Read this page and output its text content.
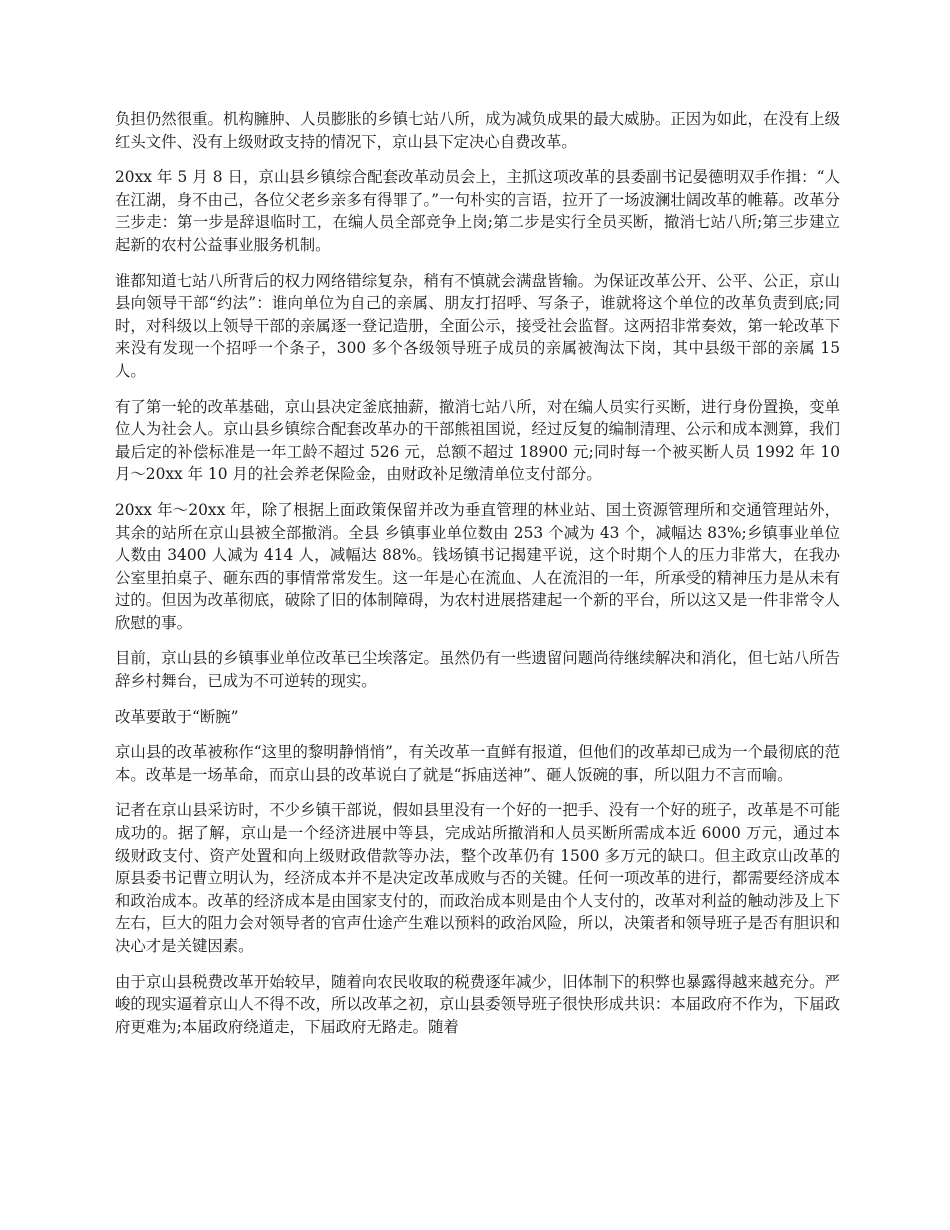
负担仍然很重。机构臃肿、人员膨胀的乡镇七站八所，成为减负成果的最大威胁。正因为如此，在没有上级红头文件、没有上级财政支持的情况下，京山县下定决心自费改革。

20xx 年 5 月 8 日，京山县乡镇综合配套改革动员会上，主抓这项改革的县委副书记晏德明双手作揖：“人在江湖，身不由己，各位父老乡亲多有得罪了。”一句朴实的言语，拉开了一场波澜壮阔改革的帷幕。改革分三步走：第一步是辞退临时工，在编人员全部竞争上岗;第二步是实行全员买断，撤消七站八所;第三步建立起新的农村公益事业服务机制。

谁都知道七站八所背后的权力网络错综复杂，稍有不慎就会满盘皆输。为保证改革公开、公平、公正，京山县向领导干部“约法”：谁向单位为自己的亲属、朋友打招呼、写条子，谁就将这个单位的改革负责到底;同时，对科级以上领导干部的亲属逐一登记造册，全面公示，接受社会监督。这两招非常奏效，第一轮改革下来没有发现一个招呼一个条子，300 多个各级领导班子成员的亲属被淘汰下岗，其中县级干部的亲属 15 人。

有了第一轮的改革基础，京山县决定釜底抽薪，撤消七站八所，对在编人员实行买断，进行身份置换，变单位人为社会人。京山县乡镇综合配套改革办的干部熊祖国说，经过反复的编制清理、公示和成本测算，我们最后定的补偿标准是一年工龄不超过 526 元，总额不超过 18900 元;同时每一个被买断人员 1992 年 10 月～20xx 年 10 月的社会养老保险金，由财政补足缴清单位支付部分。

20xx 年～20xx 年，除了根据上面政策保留并改为垂直管理的林业站、国土资源管理所和交通管理站外，其余的站所在京山县被全部撤消。全县 乡镇事业单位数由 253 个减为 43 个，减幅达 83%;乡镇事业单位人数由 3400 人减为 414 人，减幅达 88%。钱场镇书记揭建平说，这个时期个人的压力非常大，在我办公室里拍桌子、砸东西的事情常常发生。这一年是心在流血、人在流泪的一年，所承受的精神压力是从未有过的。但因为改革彻底，破除了旧的体制障碍，为农村进展搭建起一个新的平台，所以这又是一件非常令人欣慰的事。

目前，京山县的乡镇事业单位改革已尘埃落定。虽然仍有一些遗留问题尚待继续解决和消化，但七站八所告辞乡村舞台，已成为不可逆转的现实。

改革要敢于“断腕”

京山县的改革被称作“这里的黎明静悄悄”，有关改革一直鲜有报道，但他们的改革却已成为一个最彻底的范本。改革是一场革命，而京山县的改革说白了就是“拆庙送神”、砸人饭碗的事，所以阻力不言而喻。

记者在京山县采访时，不少乡镇干部说，假如县里没有一个好的一把手、没有一个好的班子，改革是不可能成功的。据了解，京山是一个经济进展中等县，完成站所撤消和人员买断所需成本近 6000 万元，通过本级财政支付、资产处置和向上级财政借款等办法，整个改革仍有 1500 多万元的缺口。但主政京山改革的原县委书记曹立明认为，经济成本并不是决定改革成败与否的关键。任何一项改革的进行，都需要经济成本和政治成本。改革的经济成本是由国家支付的，而政治成本则是由个人支付的，改革对利益的触动涉及上下左右，巨大的阻力会对领导者的官声仕途产生难以预料的政治风险，所以，决策者和领导班子是否有胆识和决心才是关键因素。

由于京山县税费改革开始较早，随着向农民收取的税费逐年减少，旧体制下的积弊也暴露得越来越充分。严峻的现实逼着京山人不得不改，所以改革之初，京山县委领导班子很快形成共识：本届政府不作为，下届政府更难为;本届政府绕道走，下届政府无路走。随着
